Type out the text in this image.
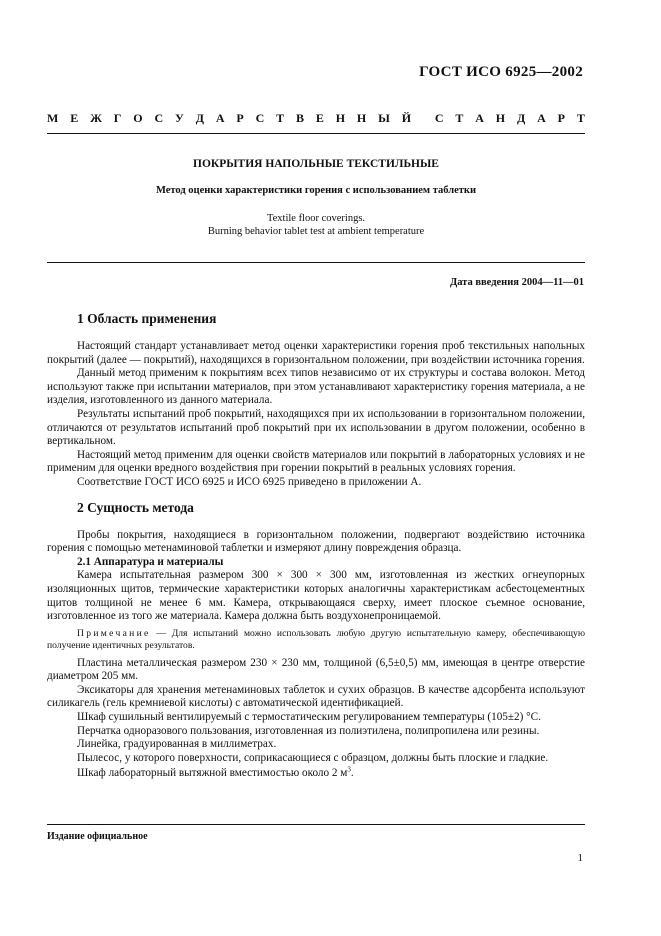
ГОСТ ИСО 6925—2002
М Е Ж Г О С У Д А Р С Т В Е Н Н Ы Й С Т А Н Д А Р Т
ПОКРЫТИЯ НАПОЛЬНЫЕ ТЕКСТИЛЬНЫЕ
Метод оценки характеристики горения с использованием таблетки
Textile floor coverings.
Burning behavior tablet test at ambient temperature
Дата введения 2004—11—01
1 Область применения

Настоящий стандарт устанавливает метод оценки характеристики горения проб текстильных напольных покрытий (далее — покрытий), находящихся в горизонтальном положении, при воздействии источника горения.

Данный метод применим к покрытиям всех типов независимо от их структуры и состава волокон. Метод используют также при испытании материалов, при этом устанавливают характеристику горения материала, а не изделия, изготовленного из данного материала.

Результаты испытаний проб покрытий, находящихся при их использовании в горизонтальном положении, отличаются от результатов испытаний проб покрытий при их использовании в другом положении, особенно в вертикальном.

Настоящий метод применим для оценки свойств материалов или покрытий в лабораторных условиях и не применим для оценки вредного воздействия при горении покрытий в реальных условиях горения.

Соответствие ГОСТ ИСО 6925 и ИСО 6925 приведено в приложении А.

2 Сущность метода

Пробы покрытия, находящиеся в горизонтальном положении, подвергают воздействию источника горения с помощью метенаминовой таблетки и измеряют длину повреждения образца.

2.1 Аппаратура и материалы

Камера испытательная размером 300 × 300 × 300 мм, изготовленная из жестких огнеупорных изоляционных щитов, термические характеристики которых аналогичны характеристикам асбестоцементных щитов толщиной не менее 6 мм. Камера, открывающаяся сверху, имеет плоское съемное основание, изготовленное из того же материала. Камера должна быть воздухонепроницаемой.

Примечание — Для испытаний можно использовать любую другую испытательную камеру, обеспечивающую получение идентичных результатов.

Пластина металлическая размером 230 × 230 мм, толщиной (6,5±0,5) мм, имеющая в центре отверстие диаметром 205 мм.

Эксикаторы для хранения метенаминовых таблеток и сухих образцов. В качестве адсорбента используют силикагель (гель кремниевой кислоты) с автоматической идентификацией.

Шкаф сушильный вентилируемый с термостатическим регулированием температуры (105±2) °С.

Перчатка одноразового пользования, изготовленная из полиэтилена, полипропилена или резины.

Линейка, градуированная в миллиметрах.

Пылесос, у которого поверхности, соприкасающиеся с образцом, должны быть плоские и гладкие.

Шкаф лабораторный вытяжной вместимостью около 2 $м^3$.

Издание официальное
1
